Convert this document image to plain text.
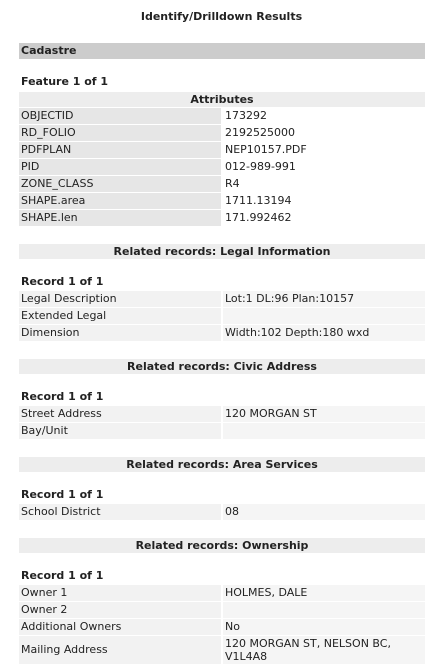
Identify/Drilldown Results
Cadastre
Feature 1 of 1
Attributes
OBJECTID	173292
RD_FOLIO	2192525000
PDFPLAN	NEP10157.PDF
PID	012-989-991
ZONE_CLASS	R4
SHAPE.area	1711.13194
SHAPE.len	171.992462
Related records: Legal Information
Record 1 of 1
Legal Description	Lot:1 DL:96 Plan:10157
Extended Legal
Dimension	Width:102 Depth:180 wxd
Related records: Civic Address
Record 1 of 1
Street Address	120 MORGAN ST
Bay/Unit
Related records: Area Services
Record 1 of 1
School District	08
Related records: Ownership
Record 1 of 1
Owner 1	HOLMES, DALE
Owner 2
Additional Owners	No
Mailing Address	120 MORGAN ST, NELSON BC, V1L4A8
